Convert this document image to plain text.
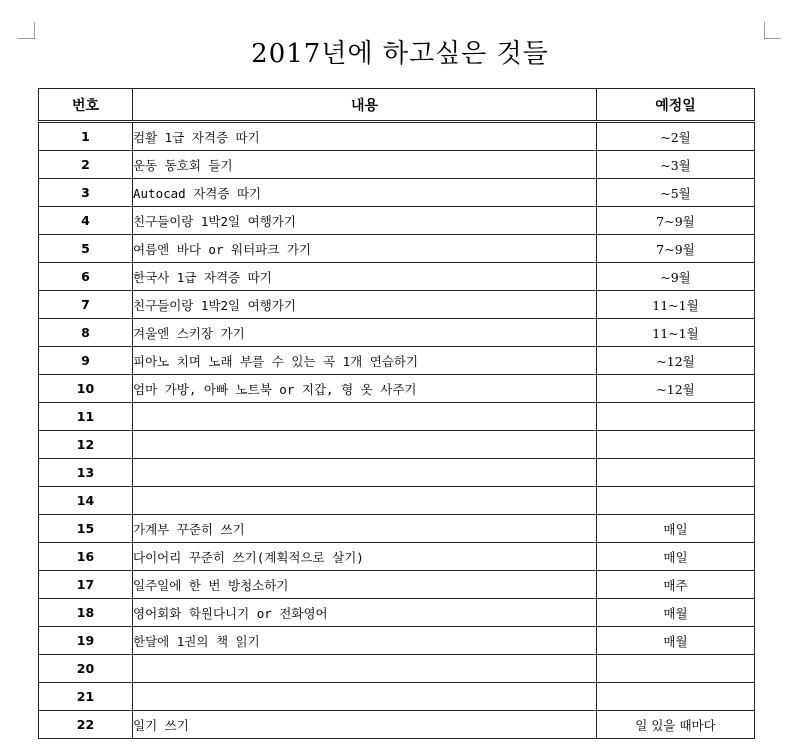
2017년에 하고싶은 것들
번호	내용	예정일
1	컴활 1급 자격증 따기	~2월
2	운동 동호회 들기	~3월
3	Autocad 자격증 따기	~5월
4	친구들이랑 1박2일 여행가기	7~9월
5	여름엔 바다 or 워터파크 가기	7~9월
6	한국사 1급 자격증 따기	~9월
7	친구들이랑 1박2일 여행가기	11~1월
8	겨울엔 스키장 가기	11~1월
9	피아노 치며 노래 부를 수 있는 곡 1개 연습하기	~12월
10	엄마 가방, 아빠 노트북 or 지갑, 형 옷 사주기	~12월
11		
12		
13		
14		
15	가계부 꾸준히 쓰기	매일
16	다이어리 꾸준히 쓰기(계획적으로 살기)	매일
17	일주일에 한 번 방청소하기	매주
18	영어회화 학원다니기 or 전화영어	매월
19	한달에 1권의 책 읽기	매월
20		
21		
22	일기 쓰기	일 있을 때마다
